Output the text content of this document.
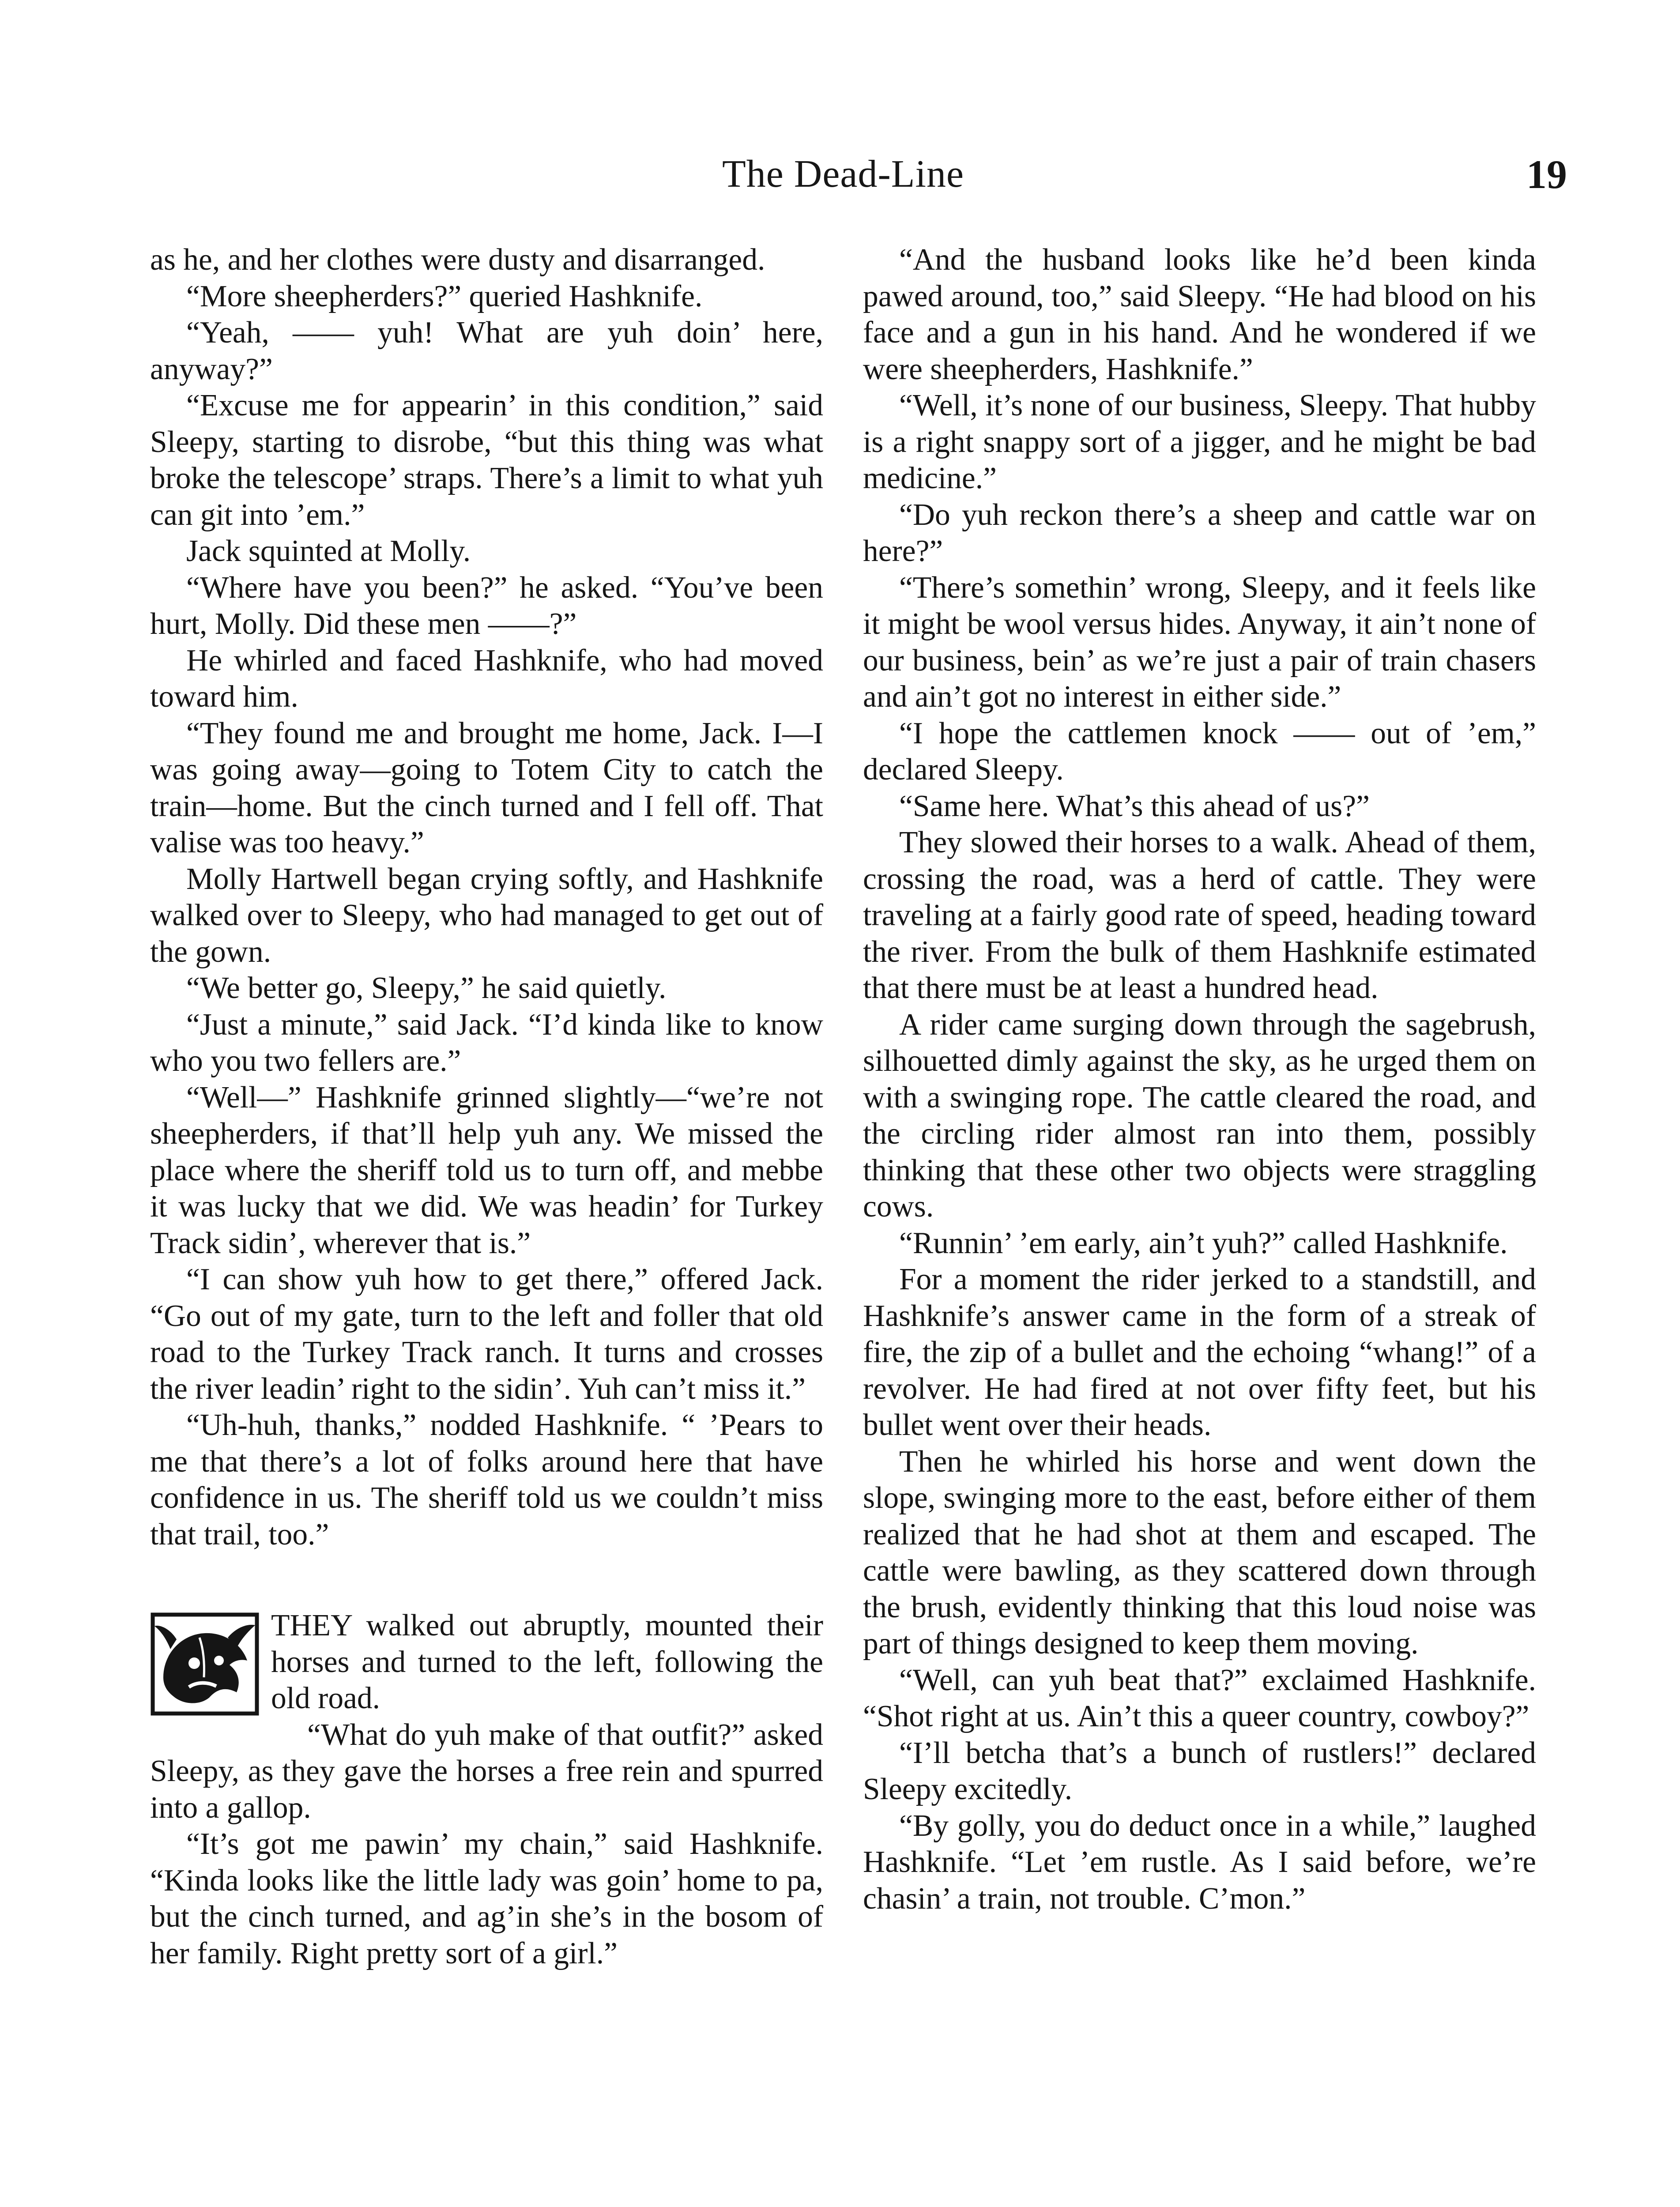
The Dead-Line	19

as he, and her clothes were dusty and disarranged.

“More sheepherders?” queried Hashknife.

“Yeah, —— yuh! What are yuh doin’ here, anyway?”

“Excuse me for appearin’ in this condition,” said Sleepy, starting to disrobe, “but this thing was what broke the telescope’ straps. There’s a limit to what yuh can git into ’em.”

Jack squinted at Molly.

“Where have you been?” he asked. “You’ve been hurt, Molly. Did these men ——?”

He whirled and faced Hashknife, who had moved toward him.

“They found me and brought me home, Jack. I—I was going away—going to Totem City to catch the train—home. But the cinch turned and I fell off. That valise was too heavy.”

Molly Hartwell began crying softly, and Hashknife walked over to Sleepy, who had managed to get out of the gown.

“We better go, Sleepy,” he said quietly.

“Just a minute,” said Jack. “I’d kinda like to know who you two fellers are.”

“Well—” Hashknife grinned slightly—“we’re not sheepherders, if that’ll help yuh any. We missed the place where the sheriff told us to turn off, and mebbe it was lucky that we did. We was headin’ for Turkey Track sidin’, wherever that is.”

“I can show yuh how to get there,” offered Jack. “Go out of my gate, turn to the left and foller that old road to the Turkey Track ranch. It turns and crosses the river leadin’ right to the sidin’. Yuh can’t miss it.”

“Uh-huh, thanks,” nodded Hashknife. “ ’Pears to me that there’s a lot of folks around here that have confidence in us. The sheriff told us we couldn’t miss that trail, too.”

THEY walked out abruptly, mounted their horses and turned to the left, following the old road.

“What do yuh make of that outfit?” asked Sleepy, as they gave the horses a free rein and spurred into a gallop.

“It’s got me pawin’ my chain,” said Hashknife. “Kinda looks like the little lady was goin’ home to pa, but the cinch turned, and ag’in she’s in the bosom of her family. Right pretty sort of a girl.”

“And the husband looks like he’d been kinda pawed around, too,” said Sleepy. “He had blood on his face and a gun in his hand. And he wondered if we were sheepherders, Hashknife.”

“Well, it’s none of our business, Sleepy. That hubby is a right snappy sort of a jigger, and he might be bad medicine.”

“Do yuh reckon there’s a sheep and cattle war on here?”

“There’s somethin’ wrong, Sleepy, and it feels like it might be wool versus hides. Anyway, it ain’t none of our business, bein’ as we’re just a pair of train chasers and ain’t got no interest in either side.”

“I hope the cattlemen knock —— out of ’em,” declared Sleepy.

“Same here. What’s this ahead of us?”

They slowed their horses to a walk. Ahead of them, crossing the road, was a herd of cattle. They were traveling at a fairly good rate of speed, heading toward the river. From the bulk of them Hashknife estimated that there must be at least a hundred head.

A rider came surging down through the sagebrush, silhouetted dimly against the sky, as he urged them on with a swinging rope. The cattle cleared the road, and the circling rider almost ran into them, possibly thinking that these other two objects were straggling cows.

“Runnin’ ’em early, ain’t yuh?” called Hashknife.

For a moment the rider jerked to a standstill, and Hashknife’s answer came in the form of a streak of fire, the zip of a bullet and the echoing “whang!” of a revolver. He had fired at not over fifty feet, but his bullet went over their heads.

Then he whirled his horse and went down the slope, swinging more to the east, before either of them realized that he had shot at them and escaped. The cattle were bawling, as they scattered down through the brush, evidently thinking that this loud noise was part of things designed to keep them moving.

“Well, can yuh beat that?” exclaimed Hashknife. “Shot right at us. Ain’t this a queer country, cowboy?”

“I’ll betcha that’s a bunch of rustlers!” declared Sleepy excitedly.

“By golly, you do deduct once in a while,” laughed Hashknife. “Let ’em rustle. As I said before, we’re chasin’ a train, not trouble. C’mon.”
